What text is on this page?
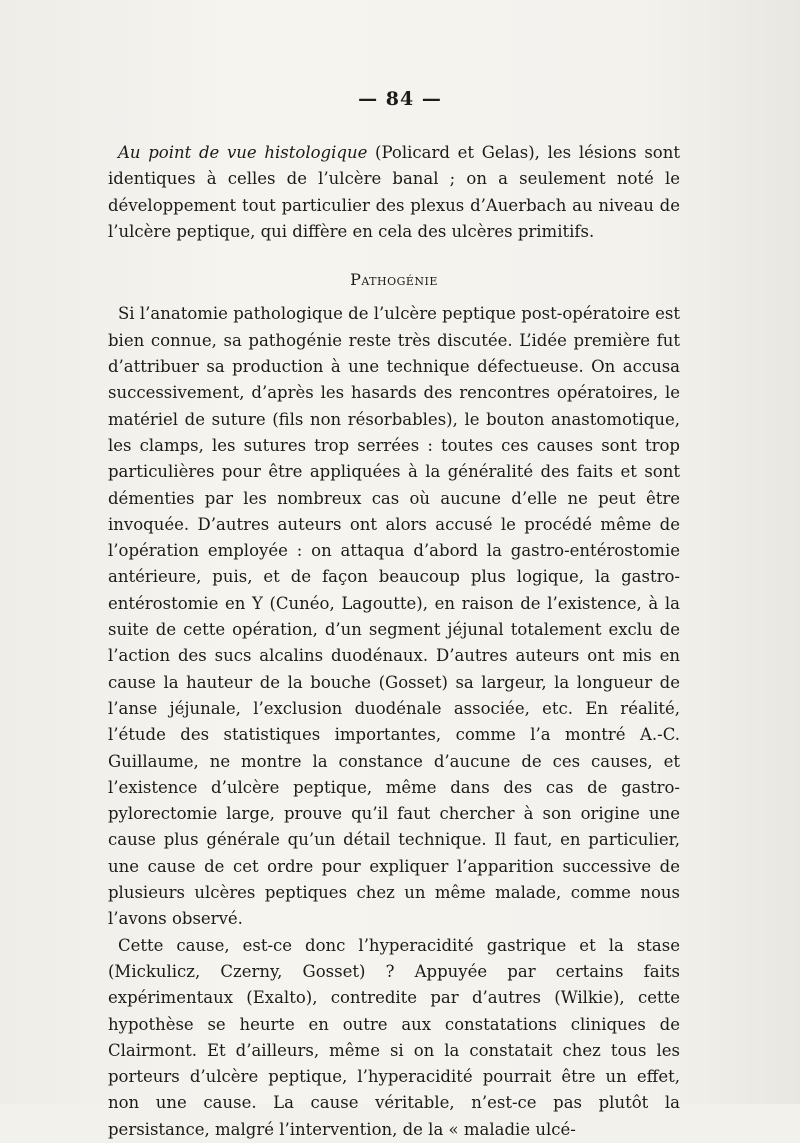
— 84 —

Au point de vue histologique (Policard et Gelas), les lésions sont identiques à celles de l’ulcère banal ; on a seulement noté le développement tout particulier des plexus d’Auerbach au niveau de l’ulcère peptique, qui diffère en cela des ulcères primitifs.

Pathogénie

Si l’anatomie pathologique de l’ulcère peptique post-opératoire est bien connue, sa pathogénie reste très discutée. L’idée première fut d’attribuer sa production à une technique défectueuse. On accusa successivement, d’après les hasards des rencontres opératoires, le matériel de suture (fils non résorbables), le bouton anastomotique, les clamps, les sutures trop serrées : toutes ces causes sont trop particulières pour être appliquées à la généralité des faits et sont démenties par les nombreux cas où aucune d’elle ne peut être invoquée. D’autres auteurs ont alors accusé le procédé même de l’opération employée : on attaqua d’abord la gastro-entérostomie antérieure, puis, et de façon beaucoup plus logique, la gastro-entérostomie en Y (Cunéo, Lagoutte), en raison de l’existence, à la suite de cette opération, d’un segment jéjunal totalement exclu de l’action des sucs alcalins duodénaux. D’autres auteurs ont mis en cause la hauteur de la bouche (Gosset) sa largeur, la longueur de l’anse jéjunale, l’exclusion duodénale associée, etc. En réalité, l’étude des statistiques importantes, comme l’a montré A.-C. Guillaume, ne montre la constance d’aucune de ces causes, et l’existence d’ulcère peptique, même dans des cas de gastro-pylorectomie large, prouve qu’il faut chercher à son origine une cause plus générale qu’un détail technique. Il faut, en particulier, une cause de cet ordre pour expliquer l’apparition successive de plusieurs ulcères peptiques chez un même malade, comme nous l’avons observé.

Cette cause, est-ce donc l’hyperacidité gastrique et la stase (Mickulicz, Czerny, Gosset) ? Appuyée par certains faits expérimentaux (Exalto), contredite par d’autres (Wilkie), cette hypothèse se heurte en outre aux constatations cliniques de Clairmont. Et d’ailleurs, même si on la constatait chez tous les porteurs d’ulcère peptique, l’hyperacidité pourrait être un effet, non une cause. La cause véritable, n’est-ce pas plutôt la persistance, malgré l’intervention, de la « maladie ulcé-
